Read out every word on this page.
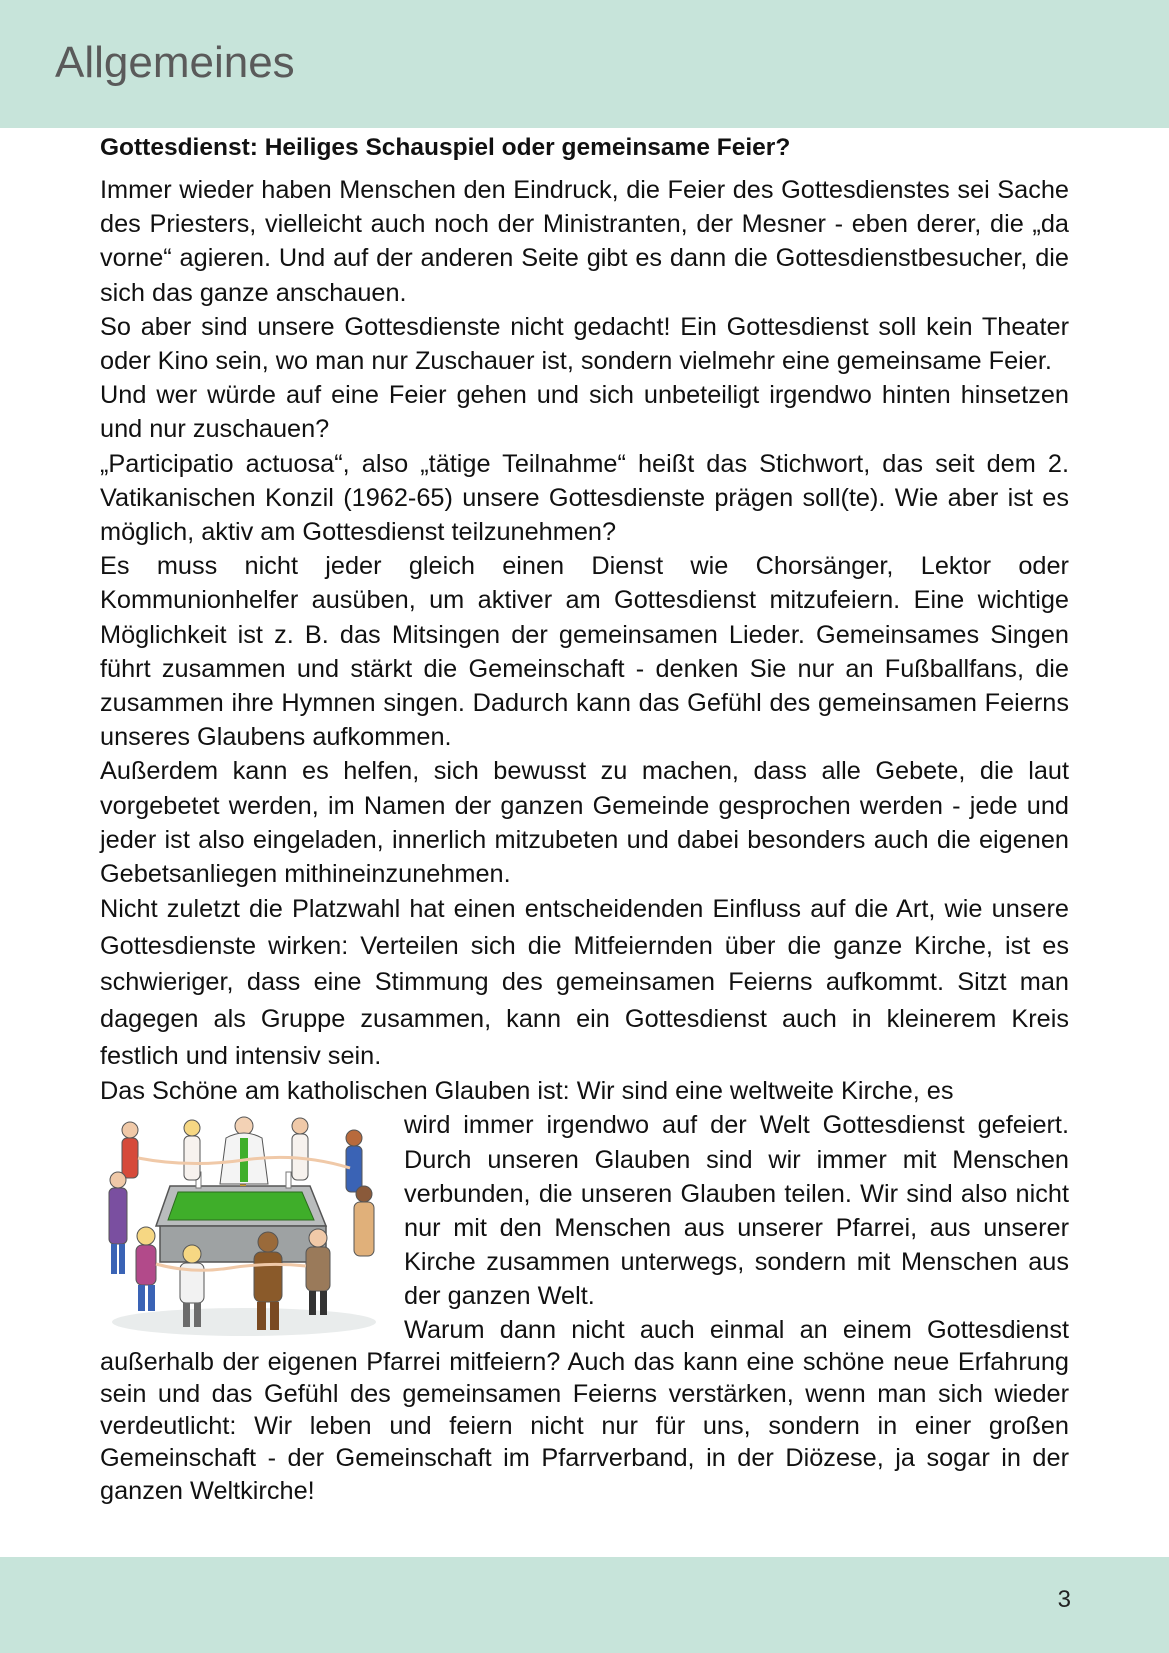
Allgemeines
Gottesdienst: Heiliges Schauspiel oder gemeinsame Feier?

Immer wieder haben Menschen den Eindruck, die Feier des Gottesdienstes sei Sache des Priesters, vielleicht auch noch der Ministranten, der Mesner - eben derer, die „da vorne“ agieren. Und auf der anderen Seite gibt es dann die Gottesdienstbesucher, die sich das ganze anschauen.

So aber sind unsere Gottesdienste nicht gedacht! Ein Gottesdienst soll kein Theater oder Kino sein, wo man nur Zuschauer ist, sondern vielmehr eine gemeinsame Feier.

Und wer würde auf eine Feier gehen und sich unbeteiligt irgendwo hinten hinsetzen und nur zuschauen?

„Participatio actuosa“, also „tätige Teilnahme“ heißt das Stichwort, das seit dem 2. Vatikanischen Konzil (1962-65) unsere Gottesdienste prägen soll(te). Wie aber ist es möglich, aktiv am Gottesdienst teilzunehmen?

Es muss nicht jeder gleich einen Dienst wie Chorsänger, Lektor oder Kommunionhelfer ausüben, um aktiver am Gottesdienst mitzufeiern. Eine wichtige Möglichkeit ist z. B. das Mitsingen der gemeinsamen Lieder. Gemeinsames Singen führt zusammen und stärkt die Gemeinschaft - denken Sie nur an Fußballfans, die zusammen ihre Hymnen singen. Dadurch kann das Gefühl des gemeinsamen Feierns unseres Glaubens aufkommen.

Außerdem kann es helfen, sich bewusst zu machen, dass alle Gebete, die laut vorgebetet werden, im Namen der ganzen Gemeinde gesprochen werden - jede und jeder ist also eingeladen, innerlich mitzubeten und dabei besonders auch die eigenen Gebetsanliegen mithineinzunehmen.

Nicht zuletzt die Platzwahl hat einen entscheidenden Einfluss auf die Art, wie unsere Gottesdienste wirken: Verteilen sich die Mitfeiernden über die ganze Kirche, ist es schwieriger, dass eine Stimmung des gemeinsamen Feierns aufkommt. Sitzt man dagegen als Gruppe zusammen, kann ein Gottesdienst auch in kleinerem Kreis festlich und intensiv sein.

Das Schöne am katholischen Glauben ist: Wir sind eine weltweite Kirche, es

wird immer irgendwo auf der Welt Gottesdienst gefeiert. Durch unseren Glauben sind wir immer mit Menschen verbunden, die unseren Glauben teilen. Wir sind also nicht nur mit den Menschen aus unserer Pfarrei, aus unserer Kirche zusammen unterwegs, sondern mit Menschen aus der ganzen Welt.

Warum dann nicht auch einmal an einem Gottesdienst außerhalb der eigenen Pfarrei mitfeiern? Auch das kann eine schöne neue Erfahrung sein und das Gefühl des gemeinsamen Feierns verstärken, wenn man sich wieder verdeutlicht: Wir leben und feiern nicht nur für uns, sondern in einer großen Gemeinschaft - der Gemeinschaft im Pfarrverband, in der Diözese, ja sogar in der ganzen Weltkirche!

3
